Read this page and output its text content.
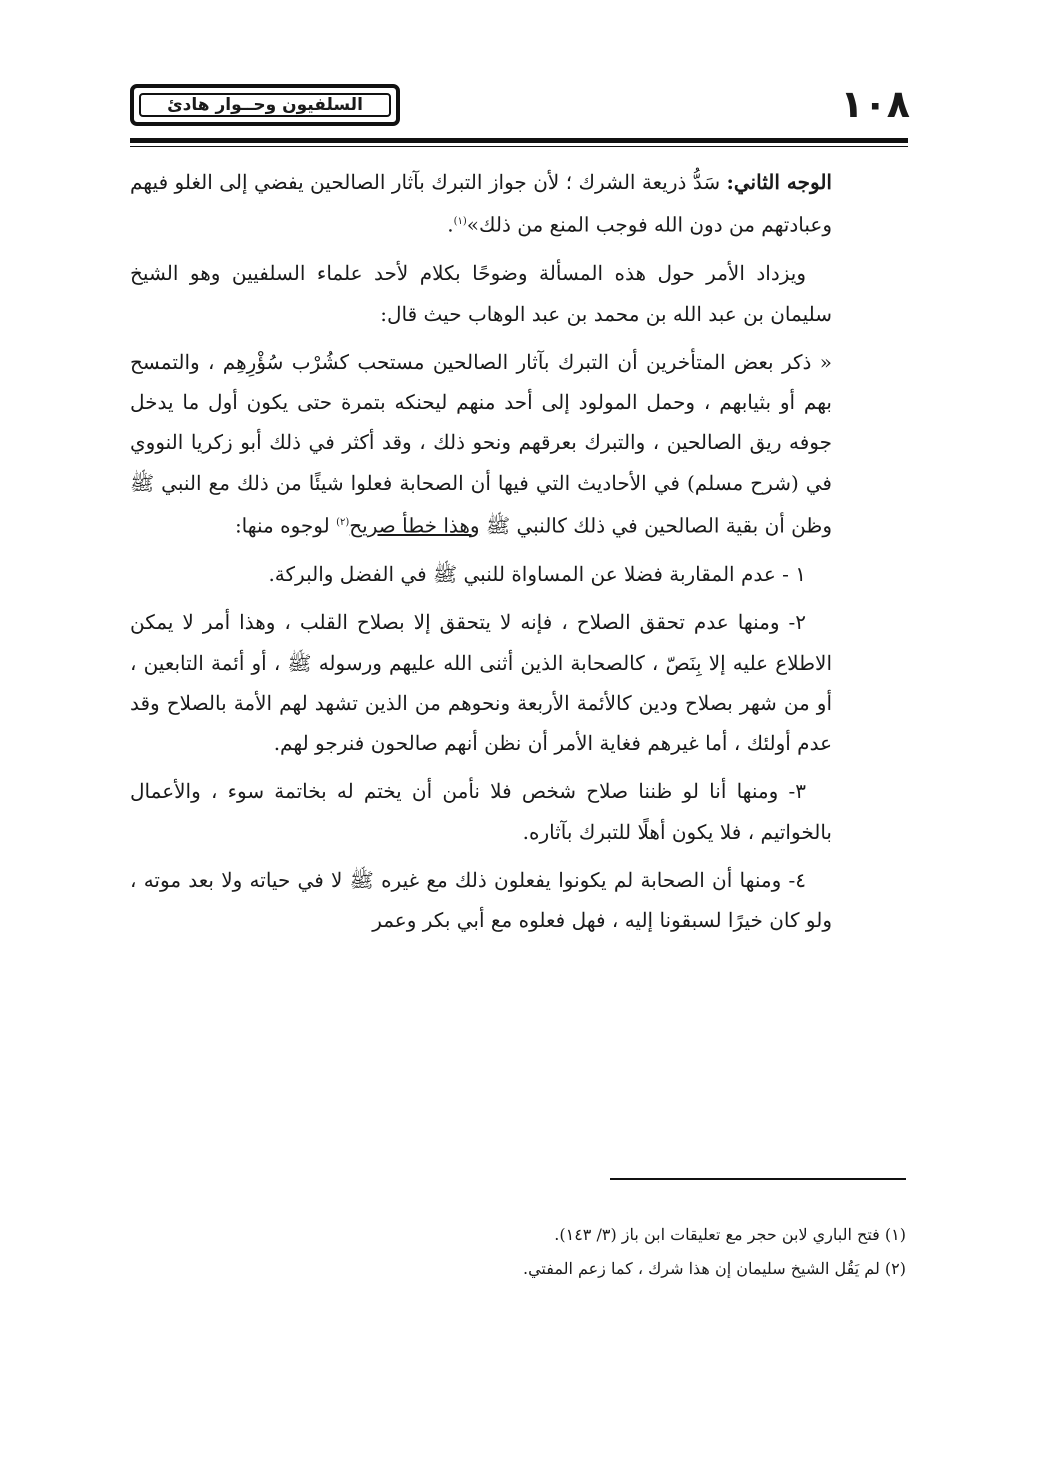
١٠٨
السلفيون وحــوار هادئ

الوجه الثاني: سَدُّ ذريعة الشرك ؛ لأن جواز التبرك بآثار الصالحين يفضي إلى الغلو فيهم وعبادتهم من دون الله فوجب المنع من ذلك»$^{(١)}$.

ويزداد الأمر حول هذه المسألة وضوحًا بكلام لأحد علماء السلفيين وهو الشيخ سليمان بن عبد الله بن محمد بن عبد الوهاب حيث قال:

« ذكر بعض المتأخرين أن التبرك بآثار الصالحين مستحب كشُرْب سُؤْرِهِم ، والتمسح بهم أو بثيابهم ، وحمل المولود إلى أحد منهم ليحنكه بتمرة حتى يكون أول ما يدخل جوفه ريق الصالحين ، والتبرك بعرقهم ونحو ذلك ، وقد أكثر في ذلك أبو زكريا النووي في (شرح مسلم) في الأحاديث التي فيها أن الصحابة فعلوا شيئًا من ذلك مع النبي ﷺ وظن أن بقية الصالحين في ذلك كالنبي ﷺ وهذا خطأ صريح$^{(٢)}$ لوجوه منها:

١ - عدم المقاربة فضلا عن المساواة للنبي ﷺ في الفضل والبركة.

٢- ومنها عدم تحقق الصلاح ، فإنه لا يتحقق إلا بصلاح القلب ، وهذا أمر لا يمكن الاطلاع عليه إلا بِنَصّ ، كالصحابة الذين أثنى الله عليهم ورسوله ﷺ ، أو أئمة التابعين ، أو من شهر بصلاح ودين كالأئمة الأربعة ونحوهم من الذين تشهد لهم الأمة بالصلاح وقد عدم أولئك ، أما غيرهم فغاية الأمر أن نظن أنهم صالحون فنرجو لهم.

٣- ومنها أنا لو ظننا صلاح شخص فلا نأمن أن يختم له بخاتمة سوء ، والأعمال بالخواتيم ، فلا يكون أهلًا للتبرك بآثاره.

٤- ومنها أن الصحابة لم يكونوا يفعلون ذلك مع غيره ﷺ لا في حياته ولا بعد موته ، ولو كان خيرًا لسبقونا إليه ، فهل فعلوه مع أبي بكر وعمر

(١) فتح الباري لابن حجر مع تعليقات ابن باز (٣/ ١٤٣).
(٢) لم يَقُل الشيخ سليمان إن هذا شرك ، كما زعم المفتي.
